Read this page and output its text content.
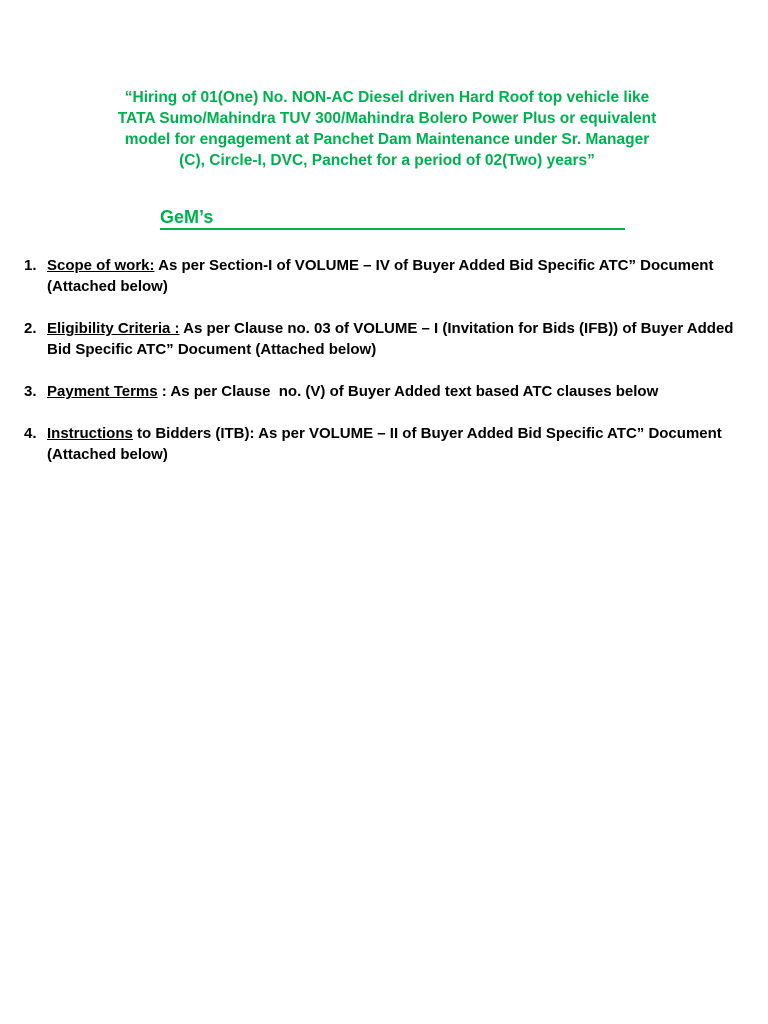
“Hiring of 01(One) No. NON-AC Diesel driven Hard Roof top vehicle like
TATA Sumo/Mahindra TUV 300/Mahindra Bolero Power Plus or equivalent
model for engagement at Panchet Dam Maintenance under Sr. Manager
(C), Circle-I, DVC, Panchet for a period of 02(Two) years”
GeM’s
1. Scope of work: As per Section-I of VOLUME – IV of Buyer Added Bid Specific ATC” Document (Attached below)
2. Eligibility Criteria : As per Clause no. 03 of VOLUME – I (Invitation for Bids (IFB)) of Buyer Added Bid Specific ATC” Document (Attached below)
3. Payment Terms : As per Clause  no. (V) of Buyer Added text based ATC clauses below
4. Instructions to Bidders (ITB): As per VOLUME – II of Buyer Added Bid Specific ATC” Document (Attached below)
